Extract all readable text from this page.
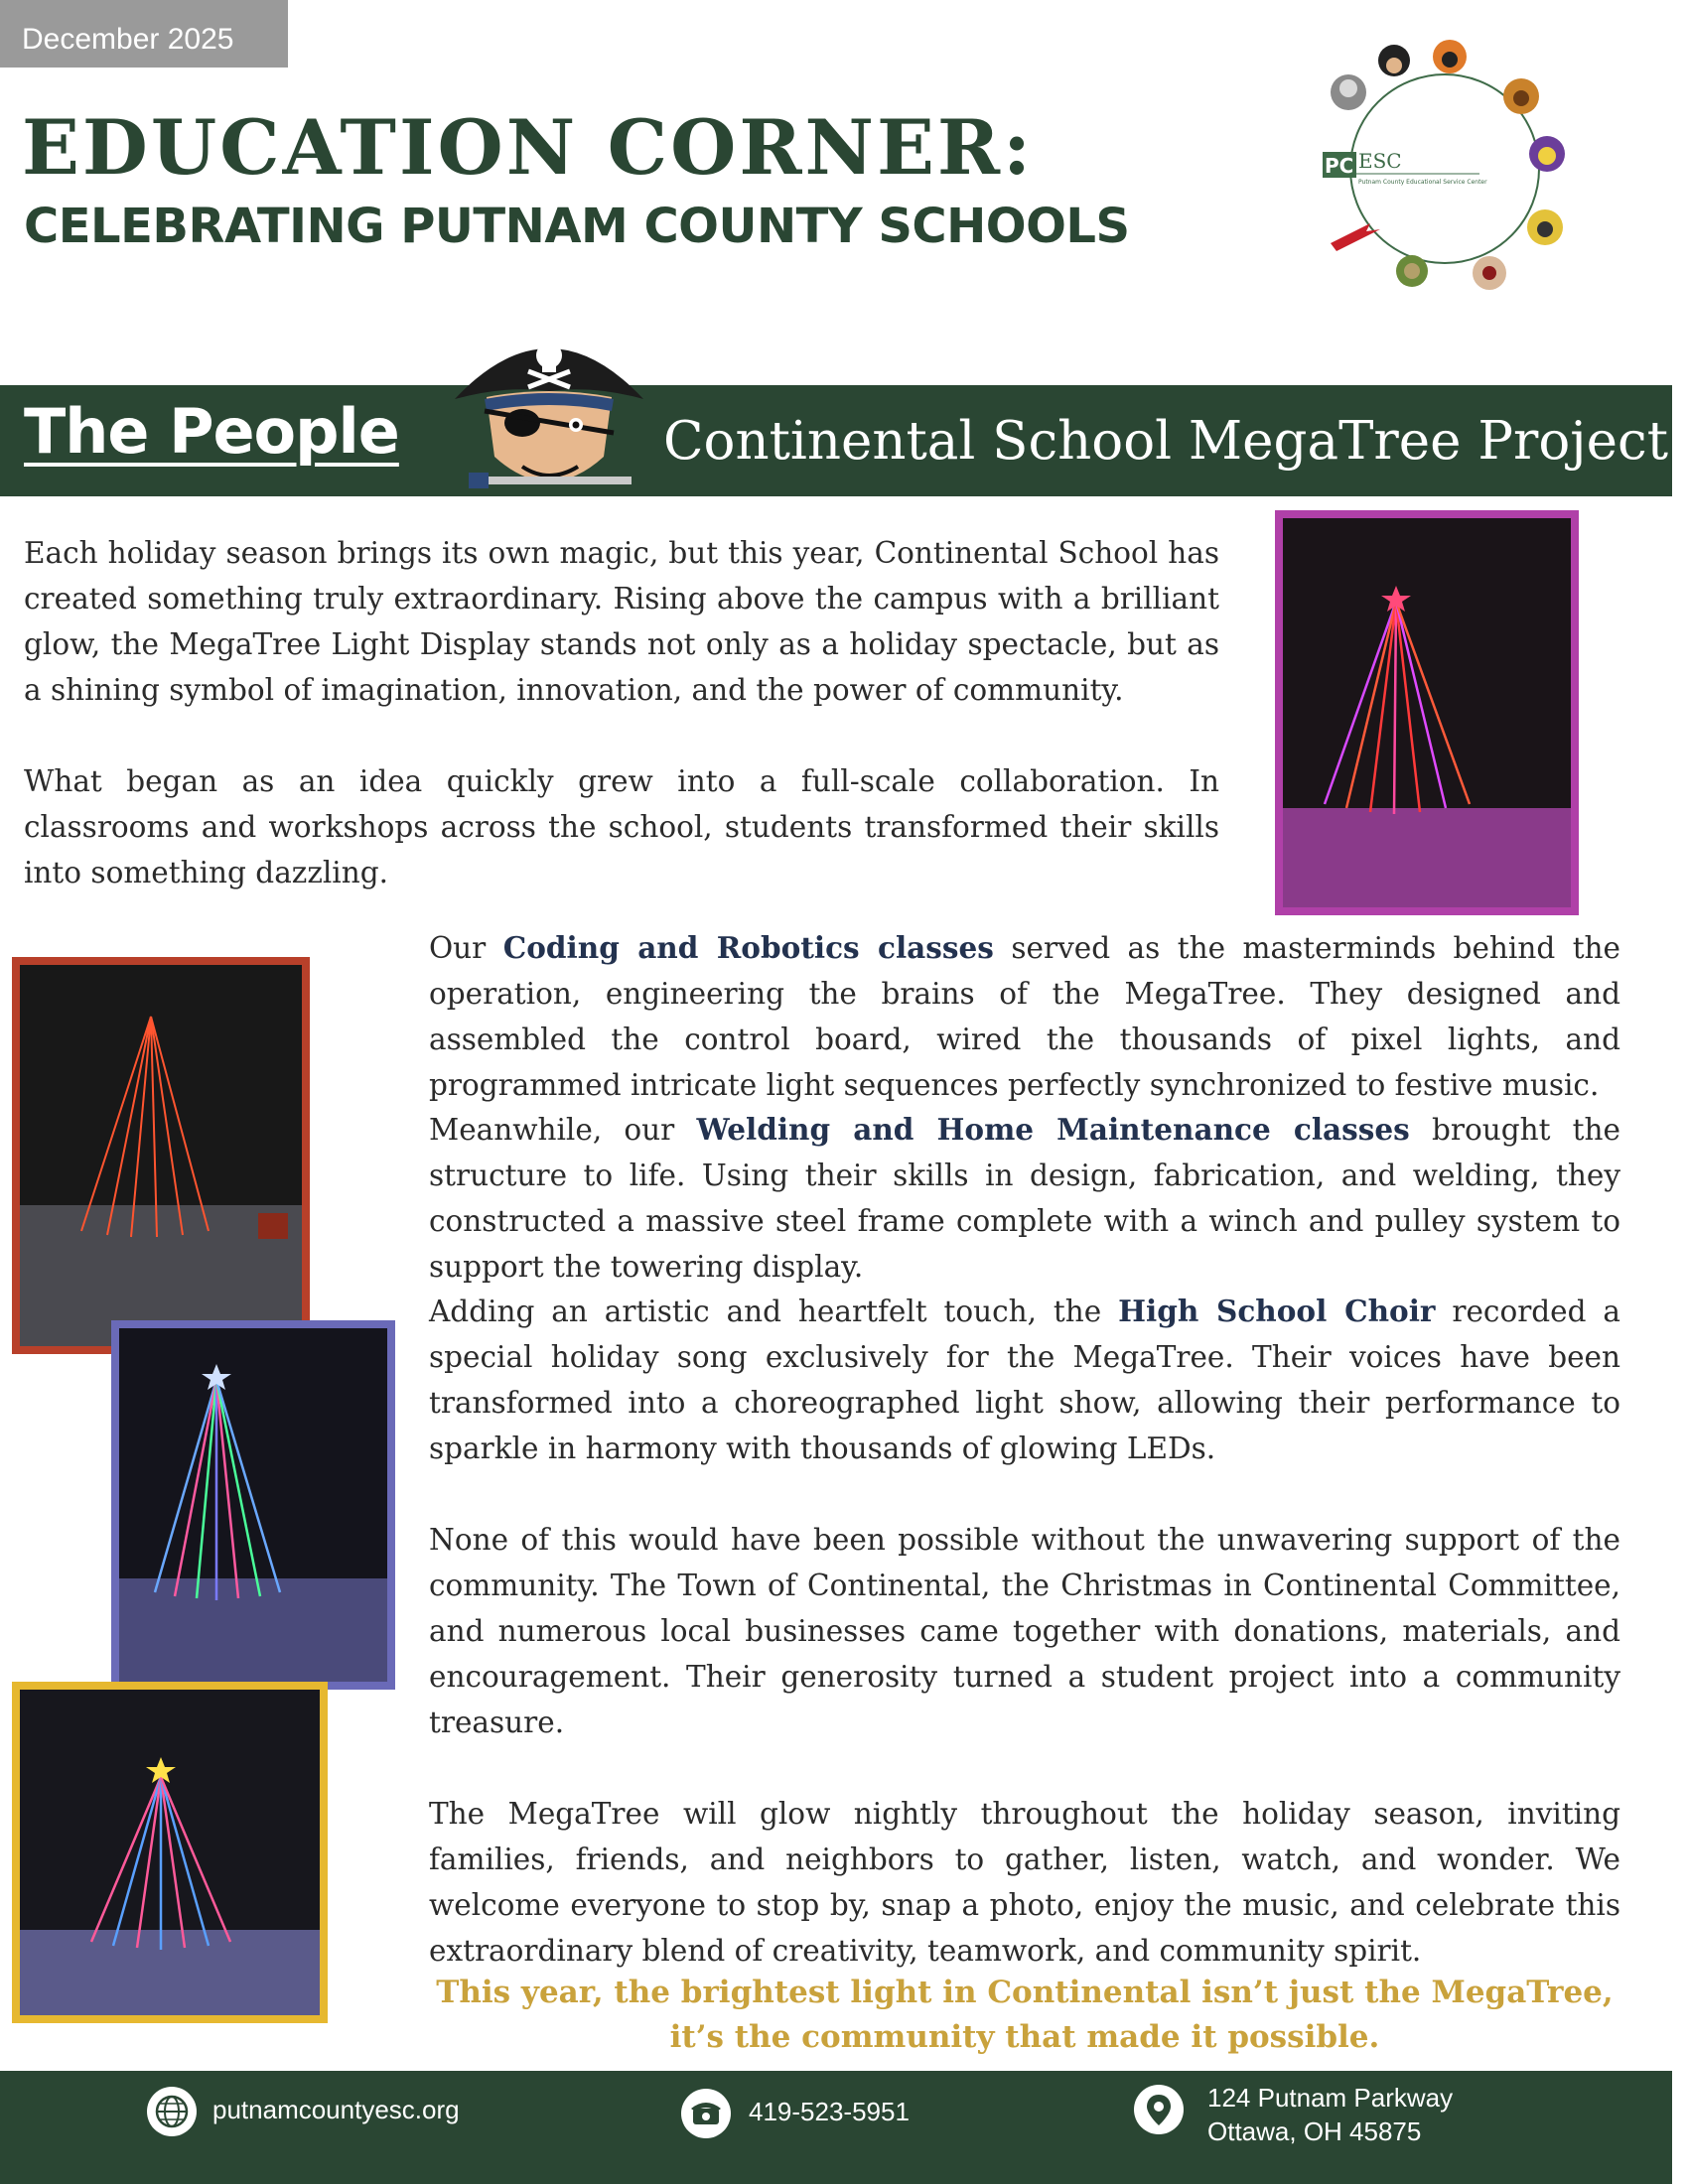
December 2025
EDUCATION CORNER:
CELEBRATING PUTNAM COUNTY SCHOOLS
PC ESC
Putnam County Educational Service Center
The People	Continental School MegaTree Project

Each holiday season brings its own magic, but this year, Continental School has created something truly extraordinary. Rising above the campus with a brilliant glow, the MegaTree Light Display stands not only as a holiday spectacle, but as a shining symbol of imagination, innovation, and the power of community.

What began as an idea quickly grew into a full-scale collaboration. In classrooms and workshops across the school, students transformed their skills into something dazzling.

Our Coding and Robotics classes served as the masterminds behind the operation, engineering the brains of the MegaTree. They designed and assembled the control board, wired the thousands of pixel lights, and programmed intricate light sequences perfectly synchronized to festive music.

Meanwhile, our Welding and Home Maintenance classes brought the structure to life. Using their skills in design, fabrication, and welding, they constructed a massive steel frame complete with a winch and pulley system to support the towering display.

Adding an artistic and heartfelt touch, the High School Choir recorded a special holiday song exclusively for the MegaTree. Their voices have been transformed into a choreographed light show, allowing their performance to sparkle in harmony with thousands of glowing LEDs.

None of this would have been possible without the unwavering support of the community. The Town of Continental, the Christmas in Continental Committee, and numerous local businesses came together with donations, materials, and encouragement. Their generosity turned a student project into a community treasure.

The MegaTree will glow nightly throughout the holiday season, inviting families, friends, and neighbors to gather, listen, watch, and wonder. We welcome everyone to stop by, snap a photo, enjoy the music, and celebrate this extraordinary blend of creativity, teamwork, and community spirit.

This year, the brightest light in Continental isn’t just the MegaTree,
it’s the community that made it possible.
putnamcountyesc.org	419-523-5951	124 Putnam Parkway
Ottawa, OH 45875
